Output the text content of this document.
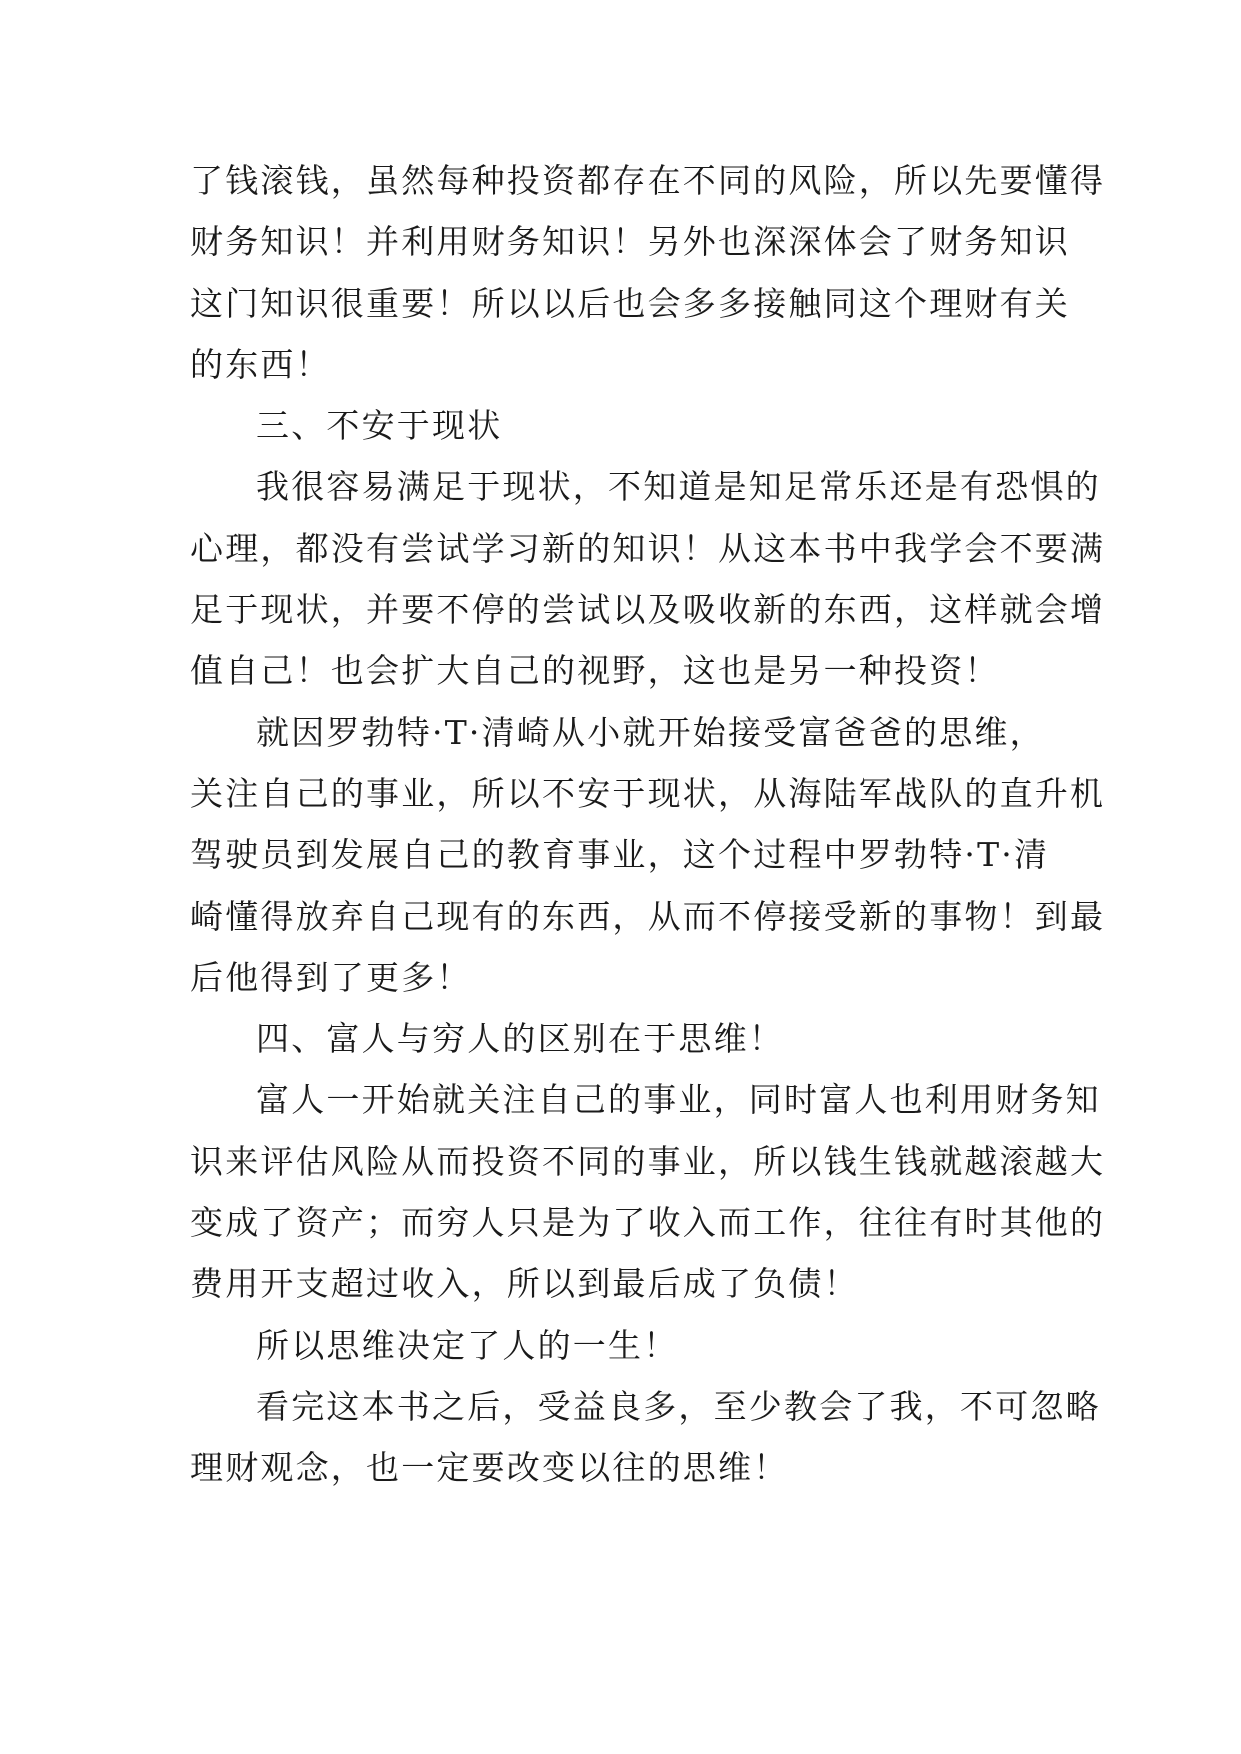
了钱滚钱，虽然每种投资都存在不同的风险，所以先要懂得

财务知识！并利用财务知识！另外也深深体会了财务知识

这门知识很重要！所以以后也会多多接触同这个理财有关

的东西！

三、不安于现状

我很容易满足于现状，不知道是知足常乐还是有恐惧的

心理，都没有尝试学习新的知识！从这本书中我学会不要满

足于现状，并要不停的尝试以及吸收新的东西，这样就会增

值自己！也会扩大自己的视野，这也是另一种投资！

就因罗勃特·T·清崎从小就开始接受富爸爸的思维，

关注自己的事业，所以不安于现状，从海陆军战队的直升机

驾驶员到发展自己的教育事业，这个过程中罗勃特·T·清

崎懂得放弃自己现有的东西，从而不停接受新的事物！到最

后他得到了更多！

四、富人与穷人的区别在于思维！

富人一开始就关注自己的事业，同时富人也利用财务知

识来评估风险从而投资不同的事业，所以钱生钱就越滚越大

变成了资产；而穷人只是为了收入而工作，往往有时其他的

费用开支超过收入，所以到最后成了负债！

所以思维决定了人的一生！

看完这本书之后，受益良多，至少教会了我，不可忽略

理财观念，也一定要改变以往的思维！
